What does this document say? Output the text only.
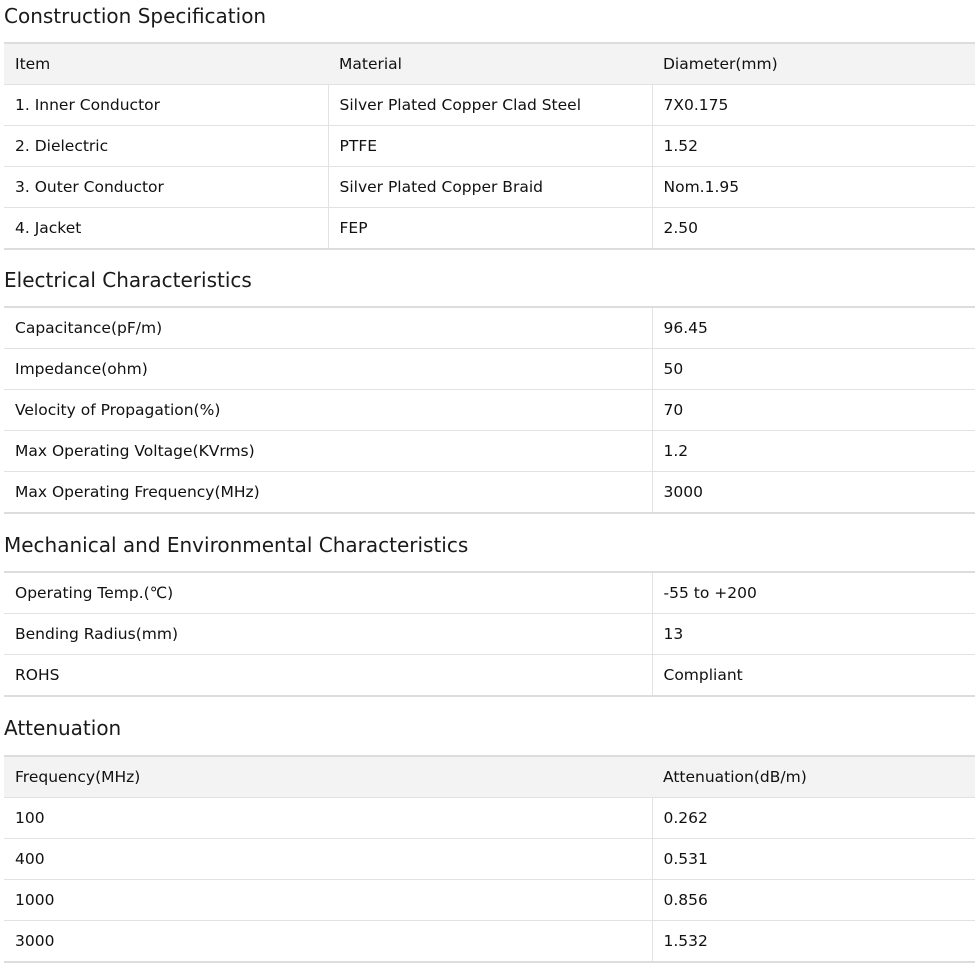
Construction Specification
Item	Material	Diameter(mm)
1. Inner Conductor	Silver Plated Copper Clad Steel	7X0.175
2. Dielectric	PTFE	1.52
3. Outer Conductor	Silver Plated Copper Braid	Nom.1.95
4. Jacket	FEP	2.50
Electrical Characteristics
Capacitance(pF/m)	96.45
Impedance(ohm)	50
Velocity of Propagation(%)	70
Max Operating Voltage(KVrms)	1.2
Max Operating Frequency(MHz)	3000
Mechanical and Environmental Characteristics
Operating Temp.(℃)	-55 to +200
Bending Radius(mm)	13
ROHS	Compliant
Attenuation
Frequency(MHz)	Attenuation(dB/m)
100	0.262
400	0.531
1000	0.856
3000	1.532
